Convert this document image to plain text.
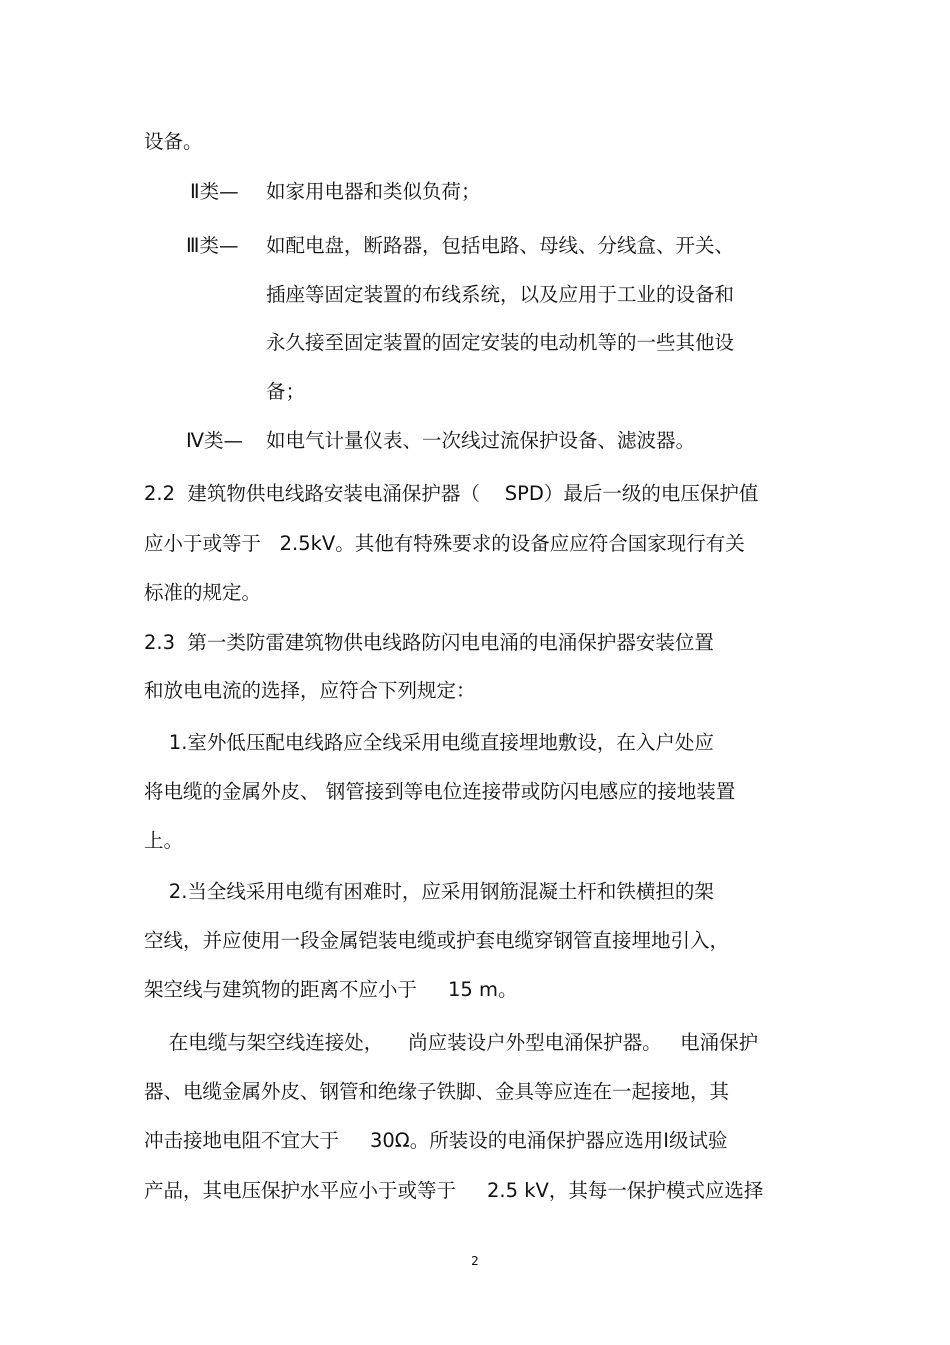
设备。

Ⅱ类— 如家用电器和类似负荷；
Ⅲ类— 如配电盘，断路器，包括电路、母线、分线盒、开关、
插座等固定装置的布线系统，以及应用于工业的设备和
永久接至固定装置的固定安装的电动机等的一些其他设
备；
Ⅳ类— 如电气计量仪表、一次线过流保护设备、滤波器。

2.2  建筑物供电线路安装电涌保护器（    SPD）最后一级的电压保护值

应小于或等于   2.5kV。其他有特殊要求的设备应应符合国家现行有关

标准的规定。

2.3  第一类防雷建筑物供电线路防闪电电涌的电涌保护器安装位置

和放电电流的选择，应符合下列规定：

1.室外低压配电线路应全线采用电缆直接埋地敷设，在入户处应

将电缆的金属外皮、 钢管接到等电位连接带或防闪电感应的接地装置

上。

2.当全线采用电缆有困难时，应采用钢筋混凝土杆和铁横担的架

空线，并应使用一段金属铠装电缆或护套电缆穿钢管直接埋地引入，

架空线与建筑物的距离不应小于     15 m。

在电缆与架空线连接处，    尚应装设户外型电涌保护器。   电涌保护

器、电缆金属外皮、钢管和绝缘子铁脚、金具等应连在一起接地，其

冲击接地电阻不宜大于     30Ω。所装设的电涌保护器应选用Ⅰ级试验

产品，其电压保护水平应小于或等于     2.5 kV，其每一保护模式应选择

2
